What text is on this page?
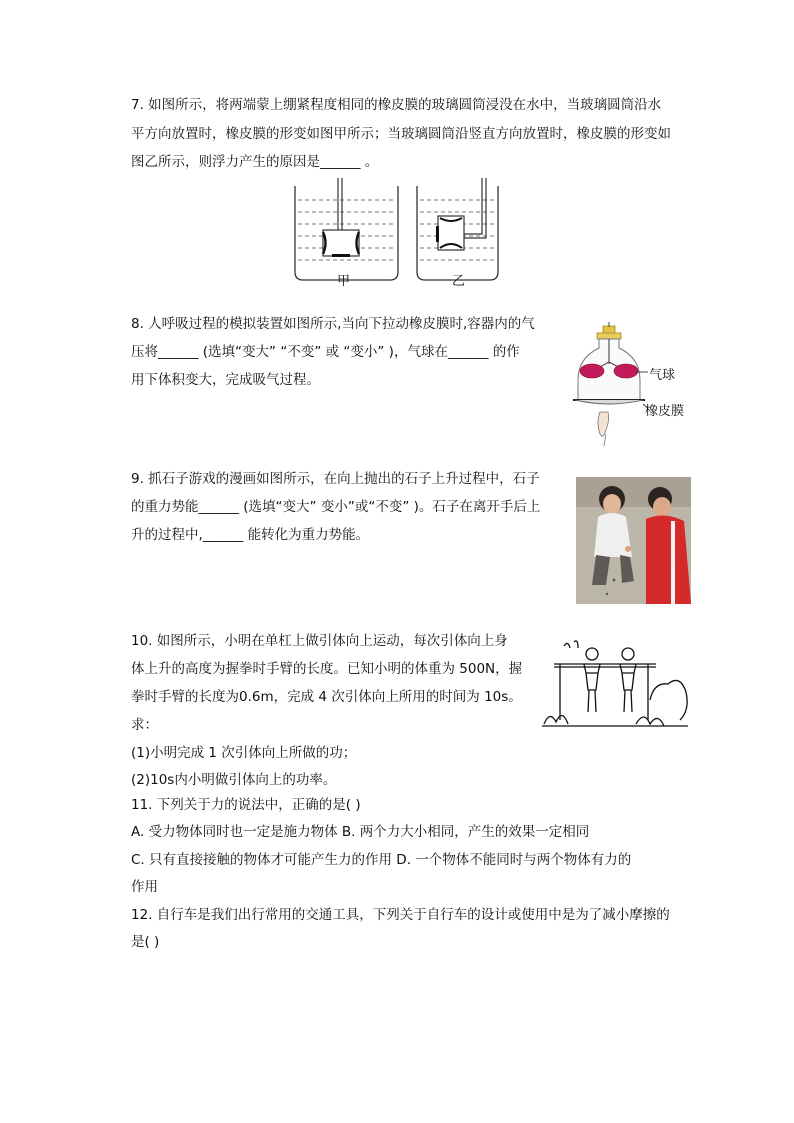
7. 如图所示，将两端蒙上绷紧程度相同的橡皮膜的玻璃圆筒浸没在水中，当玻璃圆筒沿水
平方向放置时，橡皮膜的形变如图甲所示；当玻璃圆筒沿竖直方向放置时，橡皮膜的形变如
图乙所示，则浮力产生的原因是______ 。
甲	乙
8. 人呼吸过程的模拟装置如图所示,当向下拉动橡皮膜时,容器内的气
压将______ (选填“变大” “不变” 或 “变小” )，气球在______ 的作
用下体积变大，完成吸气过程。	气球
橡皮膜
9. 抓石子游戏的漫画如图所示，在向上抛出的石子上升过程中，石子
的重力势能______ (选填“变大” 变小”或“不变” )。石子在离开手后上
升的过程中,______ 能转化为重力势能。
10. 如图所示，小明在单杠上做引体向上运动，每次引体向上身
体上升的高度为握拳时手臂的长度。已知小明的体重为 500N，握
拳时手臂的长度为0.6m，完成 4 次引体向上所用的时间为 10s。
求：
(1)小明完成 1 次引体向上所做的功；
(2)10s内小明做引体向上的功率。
11. 下列关于力的说法中，正确的是( )
A. 受力物体同时也一定是施力物体 B. 两个力大小相同，产生的效果一定相同
C. 只有直接接触的物体才可能产生力的作用 D. 一个物体不能同时与两个物体有力的
作用
12. 自行车是我们出行常用的交通工具，下列关于自行车的设计或使用中是为了减小摩擦的
是( )
